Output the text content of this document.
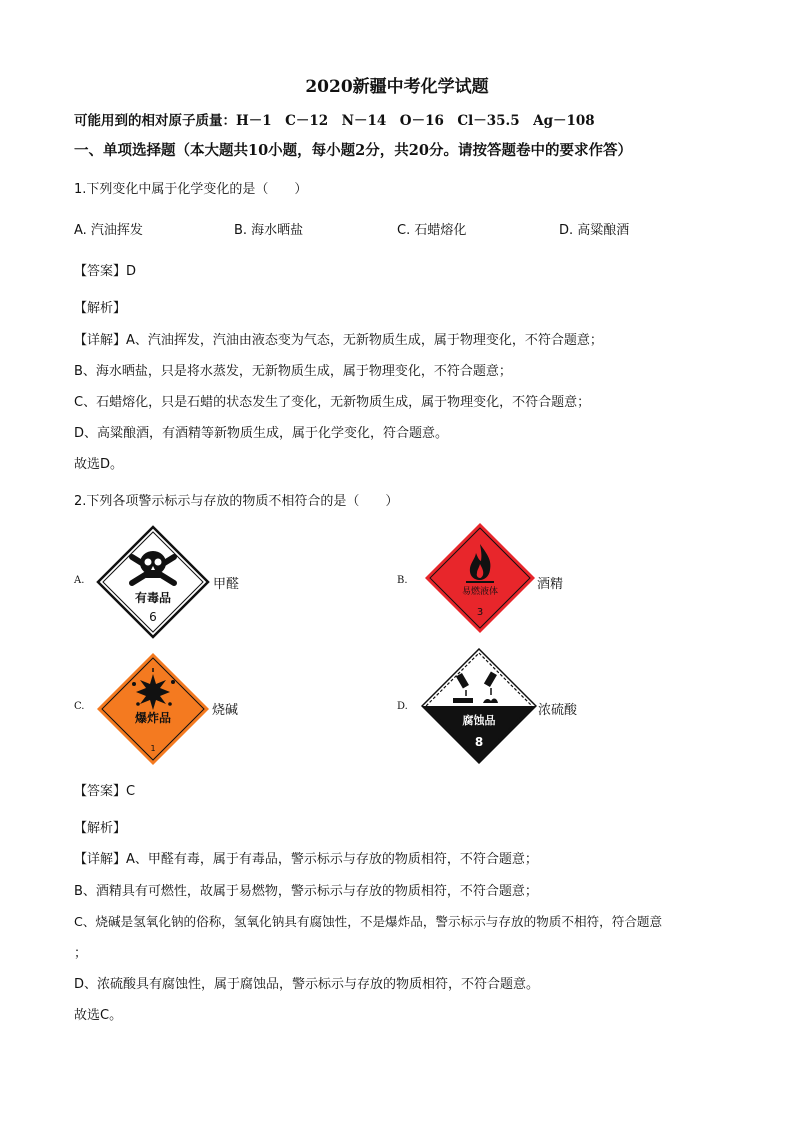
2020新疆中考化学试题
可能用到的相对原子质量：H－1　C－12　N－14　O－16　Cl－35.5　Ag－108
一、单项选择题（本大题共10小题，每小题2分，共20分。请按答题卷中的要求作答）
1.下列变化中属于化学变化的是（　　）
A. 汽油挥发	B. 海水晒盐	C. 石蜡熔化	D. 高粱酿酒
【答案】D
【解析】
【详解】A、汽油挥发，汽油由液态变为气态，无新物质生成，属于物理变化，不符合题意；
B、海水晒盐，只是将水蒸发，无新物质生成，属于物理变化，不符合题意；
C、石蜡熔化，只是石蜡的状态发生了变化，无新物质生成，属于物理变化，不符合题意；
D、高粱酿酒，有酒精等新物质生成，属于化学变化，符合题意。
故选D。
2.下列各项警示标示与存放的物质不相符合的是（　　）
A.
有毒品
6
甲醛	B.
易燃液体
3
酒精
C.
爆炸品
1
烧碱	D.
腐蚀品
8
浓硫酸
【答案】C
【解析】
【详解】A、甲醛有毒，属于有毒品，警示标示与存放的物质相符，不符合题意；
B、酒精具有可燃性，故属于易燃物，警示标示与存放的物质相符，不符合题意；
C、烧碱是氢氧化钠的俗称，氢氧化钠具有腐蚀性，不是爆炸品，警示标示与存放的物质不相符，符合题意
；
D、浓硫酸具有腐蚀性，属于腐蚀品，警示标示与存放的物质相符，不符合题意。
故选C。
